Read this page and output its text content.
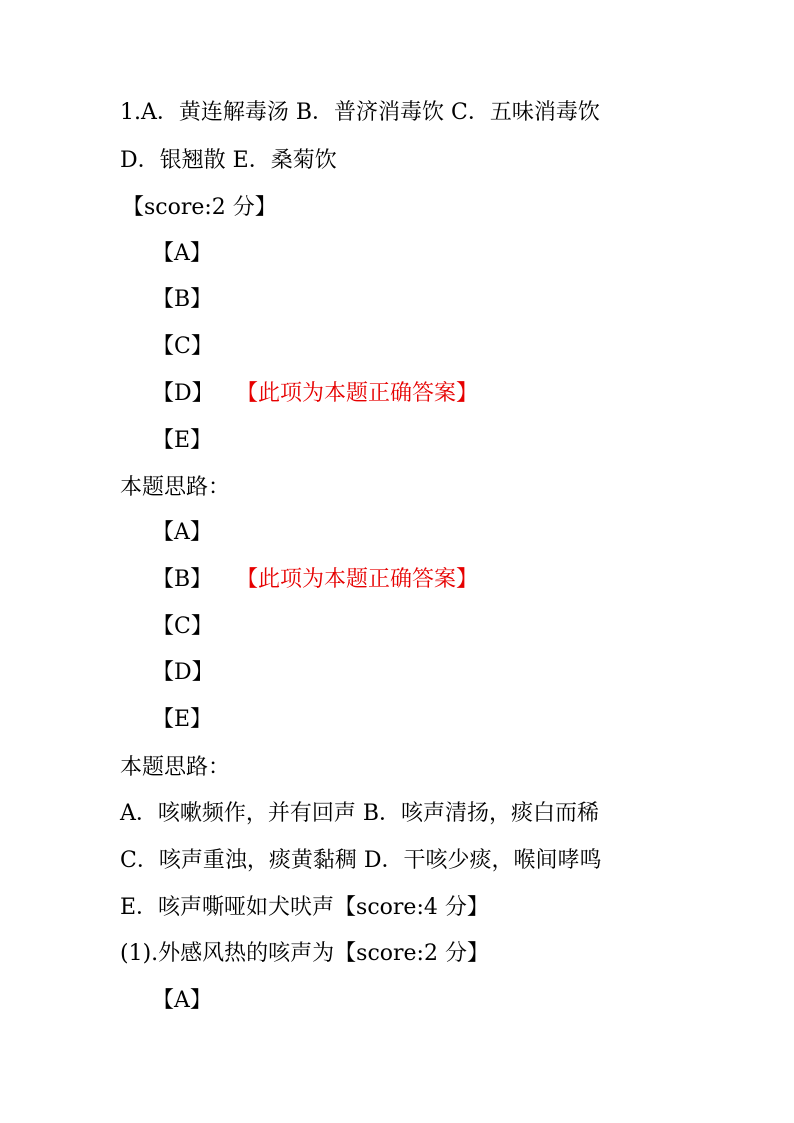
1.A．黄连解毒汤 B．普济消毒饮 C．五味消毒饮
D．银翘散 E．桑菊饮
【score:2 分】
【A】
【B】
【C】
【D】 【此项为本题正确答案】
【E】
本题思路：
【A】
【B】 【此项为本题正确答案】
【C】
【D】
【E】
本题思路：
A．咳嗽频作，并有回声 B．咳声清扬，痰白而稀
C．咳声重浊，痰黄黏稠 D．干咳少痰，喉间哮鸣
E．咳声嘶哑如犬吠声【score:4 分】
(1).外感风热的咳声为【score:2 分】
【A】
